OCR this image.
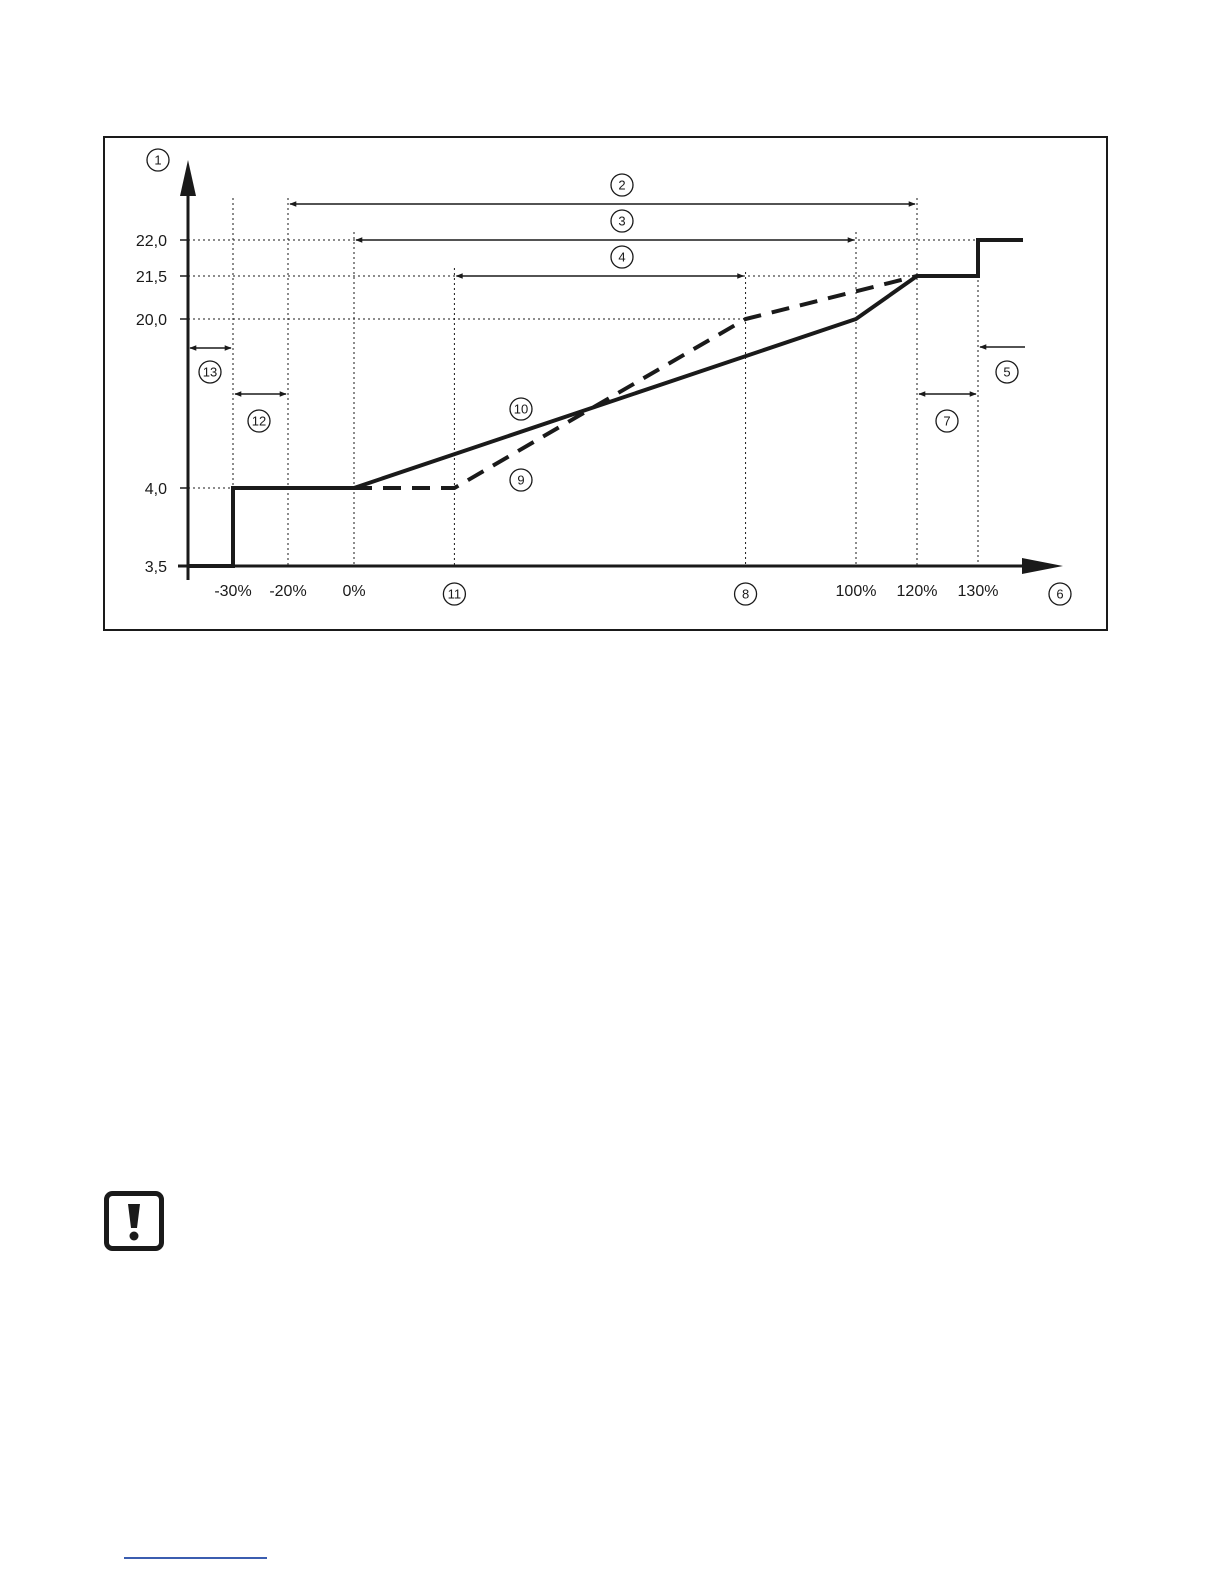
3,5
4,0
20,0
21,5
22,0
-30% -20% 0%	100% 120% 130%
1
2
3
4
5
6
7
8
11
12
13
10
9
